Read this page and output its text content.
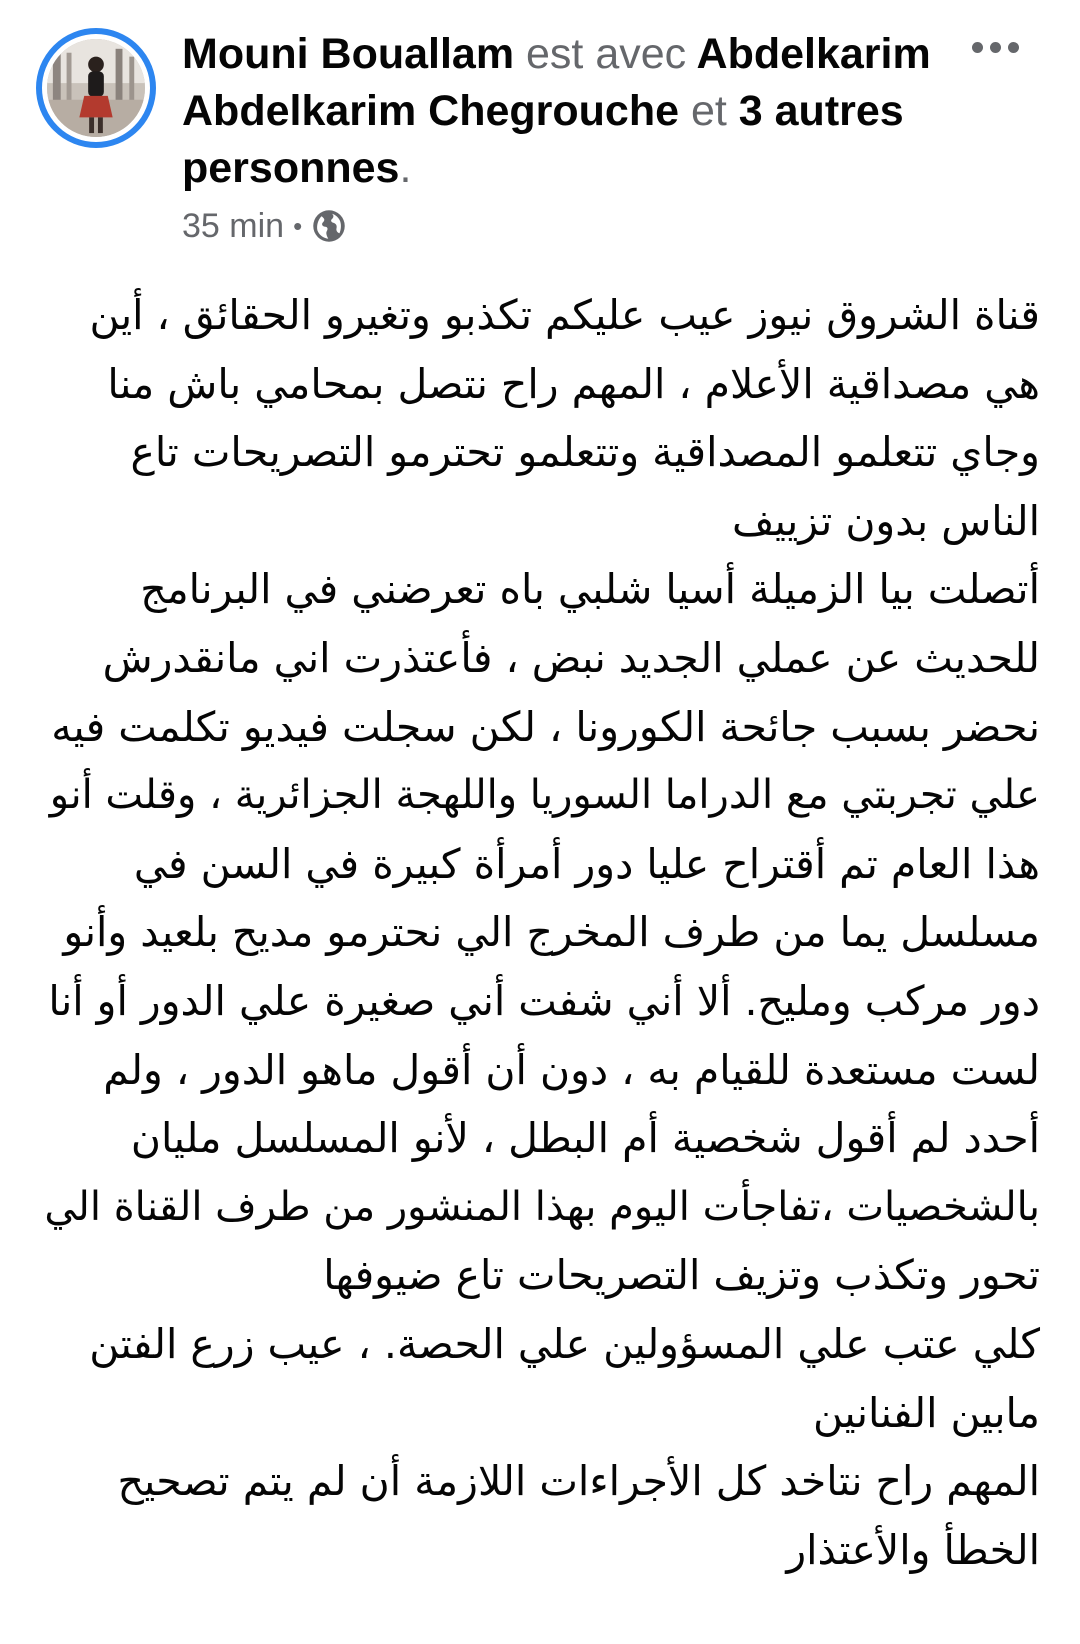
Mouni Bouallam est avec Abdelkarim Abdelkarim Chegrouche et 3 autres personnes.
35 min •
قناة الشروق نيوز عيب عليكم تكذبو وتغيرو الحقائق ، أين
هي مصداقية الأعلام ، المهم راح نتصل بمحامي باش منا
وجاي تتعلمو المصداقية وتتعلمو تحترمو التصريحات تاع
الناس بدون تزييف
أتصلت بيا الزميلة أسيا شلبي باه تعرضني في البرنامج
للحديث عن عملي الجديد نبض ، فأعتذرت اني مانقدرش
نحضر بسبب جائحة الكورونا ، لكن سجلت فيديو تكلمت فيه
علي تجربتي مع الدراما السوريا واللهجة الجزائرية ، وقلت أنو
هذا العام تم أقتراح عليا دور أمرأة كبيرة في السن في
مسلسل يما من طرف المخرج الي نحترمو مديح بلعيد وأنو
دور مركب ومليح. ألا أني شفت أني صغيرة علي الدور أو أنا
لست مستعدة للقيام به ، دون أن أقول ماهو الدور ، ولم
أحدد لم أقول شخصية أم البطل ، لأنو المسلسل مليان
بالشخصيات ،تفاجأت اليوم بهذا المنشور من طرف القناة الي
تحور وتكذب وتزيف التصريحات تاع ضيوفها
كلي عتب علي المسؤولين علي الحصة. ، عيب زرع الفتن
مابين الفنانين
المهم راح نتاخد كل الأجراءات اللازمة أن لم يتم تصحيح
الخطأ والأعتذار
